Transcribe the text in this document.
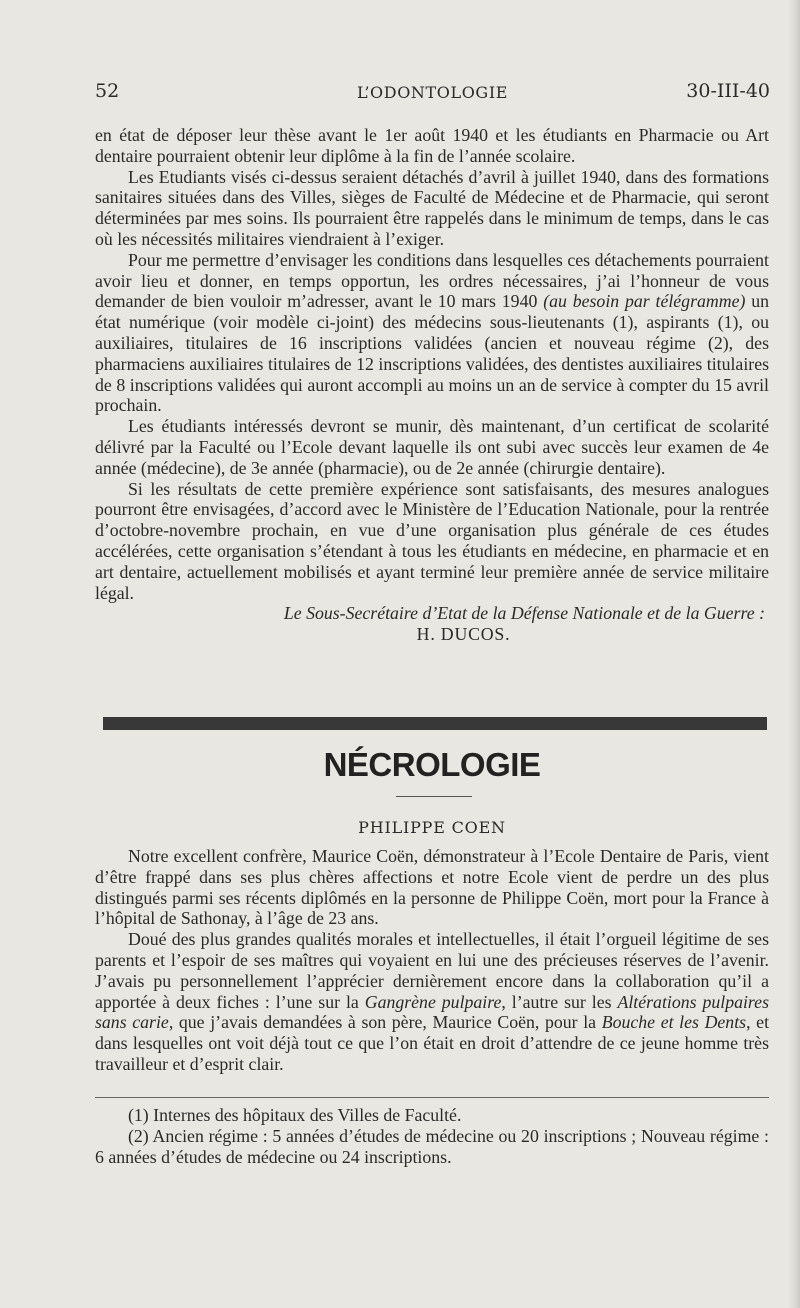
52	L’ODONTOLOGIE	30-III-40

en état de déposer leur thèse avant le 1er août 1940 et les étudiants en Pharmacie ou Art dentaire pourraient obtenir leur diplôme à la fin de l’année scolaire.

Les Etudiants visés ci-dessus seraient détachés d’avril à juillet 1940, dans des formations sanitaires situées dans des Villes, sièges de Faculté de Médecine et de Pharmacie, qui seront déterminées par mes soins. Ils pourraient être rappelés dans le minimum de temps, dans le cas où les nécessités militaires viendraient à l’exiger.

Pour me permettre d’envisager les conditions dans lesquelles ces détachements pourraient avoir lieu et donner, en temps opportun, les ordres nécessaires, j’ai l’honneur de vous demander de bien vouloir m’adresser, avant le 10 mars 1940 (au besoin par télégramme) un état numérique (voir modèle ci-joint) des médecins sous-lieutenants (1), aspirants (1), ou auxiliaires, titulaires de 16 inscriptions validées (ancien et nouveau régime (2), des pharmaciens auxiliaires titulaires de 12 inscriptions validées, des dentistes auxiliaires titulaires de 8 inscriptions validées qui auront accompli au moins un an de service à compter du 15 avril prochain.

Les étudiants intéressés devront se munir, dès maintenant, d’un certificat de scolarité délivré par la Faculté ou l’Ecole devant laquelle ils ont subi avec succès leur examen de 4e année (médecine), de 3e année (pharmacie), ou de 2e année (chirurgie dentaire).

Si les résultats de cette première expérience sont satisfaisants, des mesures analogues pourront être envisagées, d’accord avec le Ministère de l’Education Nationale, pour la rentrée d’octobre-novembre prochain, en vue d’une organisation plus générale de ces études accélérées, cette organisation s’étendant à tous les étudiants en médecine, en pharmacie et en art dentaire, actuellement mobilisés et ayant terminé leur première année de service militaire légal.

Le Sous-Secrétaire d’Etat de la Défense Nationale et de la Guerre :

H. DUCOS.

NÉCROLOGIE
PHILIPPE COEN

Notre excellent confrère, Maurice Coën, démonstrateur à l’Ecole Dentaire de Paris, vient d’être frappé dans ses plus chères affections et notre Ecole vient de perdre un des plus distingués parmi ses récents diplômés en la personne de Philippe Coën, mort pour la France à l’hôpital de Sathonay, à l’âge de 23 ans.

Doué des plus grandes qualités morales et intellectuelles, il était l’orgueil légitime de ses parents et l’espoir de ses maîtres qui voyaient en lui une des précieuses réserves de l’avenir. J’avais pu personnellement l’apprécier dernièrement encore dans la collaboration qu’il a apportée à deux fiches : l’une sur la Gangrène pulpaire, l’autre sur les Altérations pulpaires sans carie, que j’avais demandées à son père, Maurice Coën, pour la Bouche et les Dents, et dans lesquelles ont voit déjà tout ce que l’on était en droit d’attendre de ce jeune homme très travailleur et d’esprit clair.

(1) Internes des hôpitaux des Villes de Faculté.

(2) Ancien régime : 5 années d’études de médecine ou 20 inscriptions ; Nouveau régime : 6 années d’études de médecine ou 24 inscriptions.
